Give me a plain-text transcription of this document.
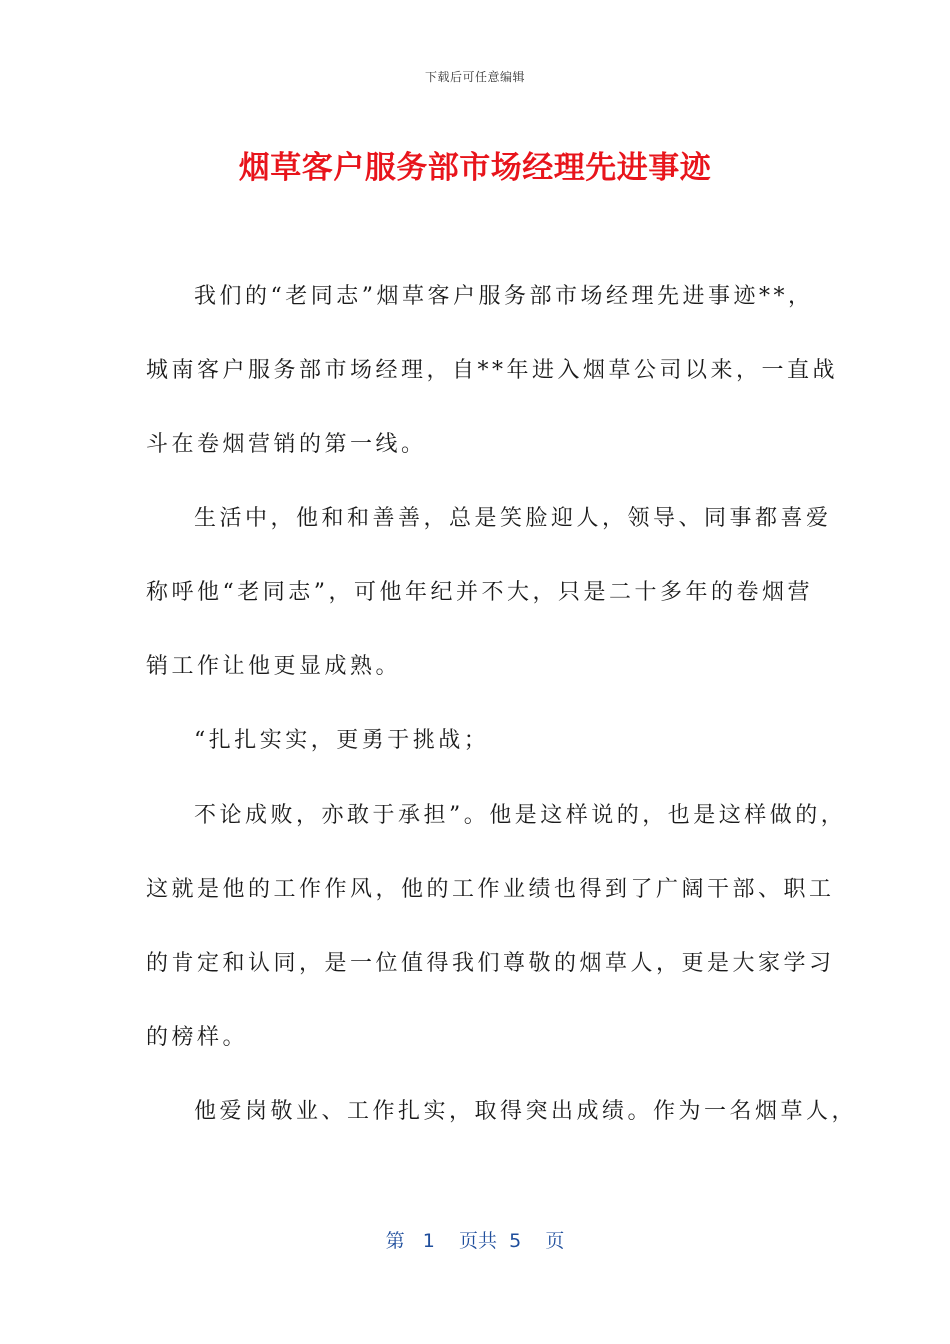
下载后可任意编辑
烟草客户服务部市场经理先进事迹
我们的“老同志”烟草客户服务部市场经理先进事迹**，
城南客户服务部市场经理，自**年进入烟草公司以来，一直战
斗在卷烟营销的第一线。
生活中，他和和善善，总是笑脸迎人，领导、同事都喜爱
称呼他“老同志”，可他年纪并不大，只是二十多年的卷烟营
销工作让他更显成熟。
“扎扎实实，更勇于挑战；
不论成败，亦敢于承担”。他是这样说的，也是这样做的，
这就是他的工作作风，他的工作业绩也得到了广阔干部、职工
的肯定和认同，是一位值得我们尊敬的烟草人，更是大家学习
的榜样。
他爱岗敬业、工作扎实，取得突出成绩。作为一名烟草人，
第 1 页共 5 页
